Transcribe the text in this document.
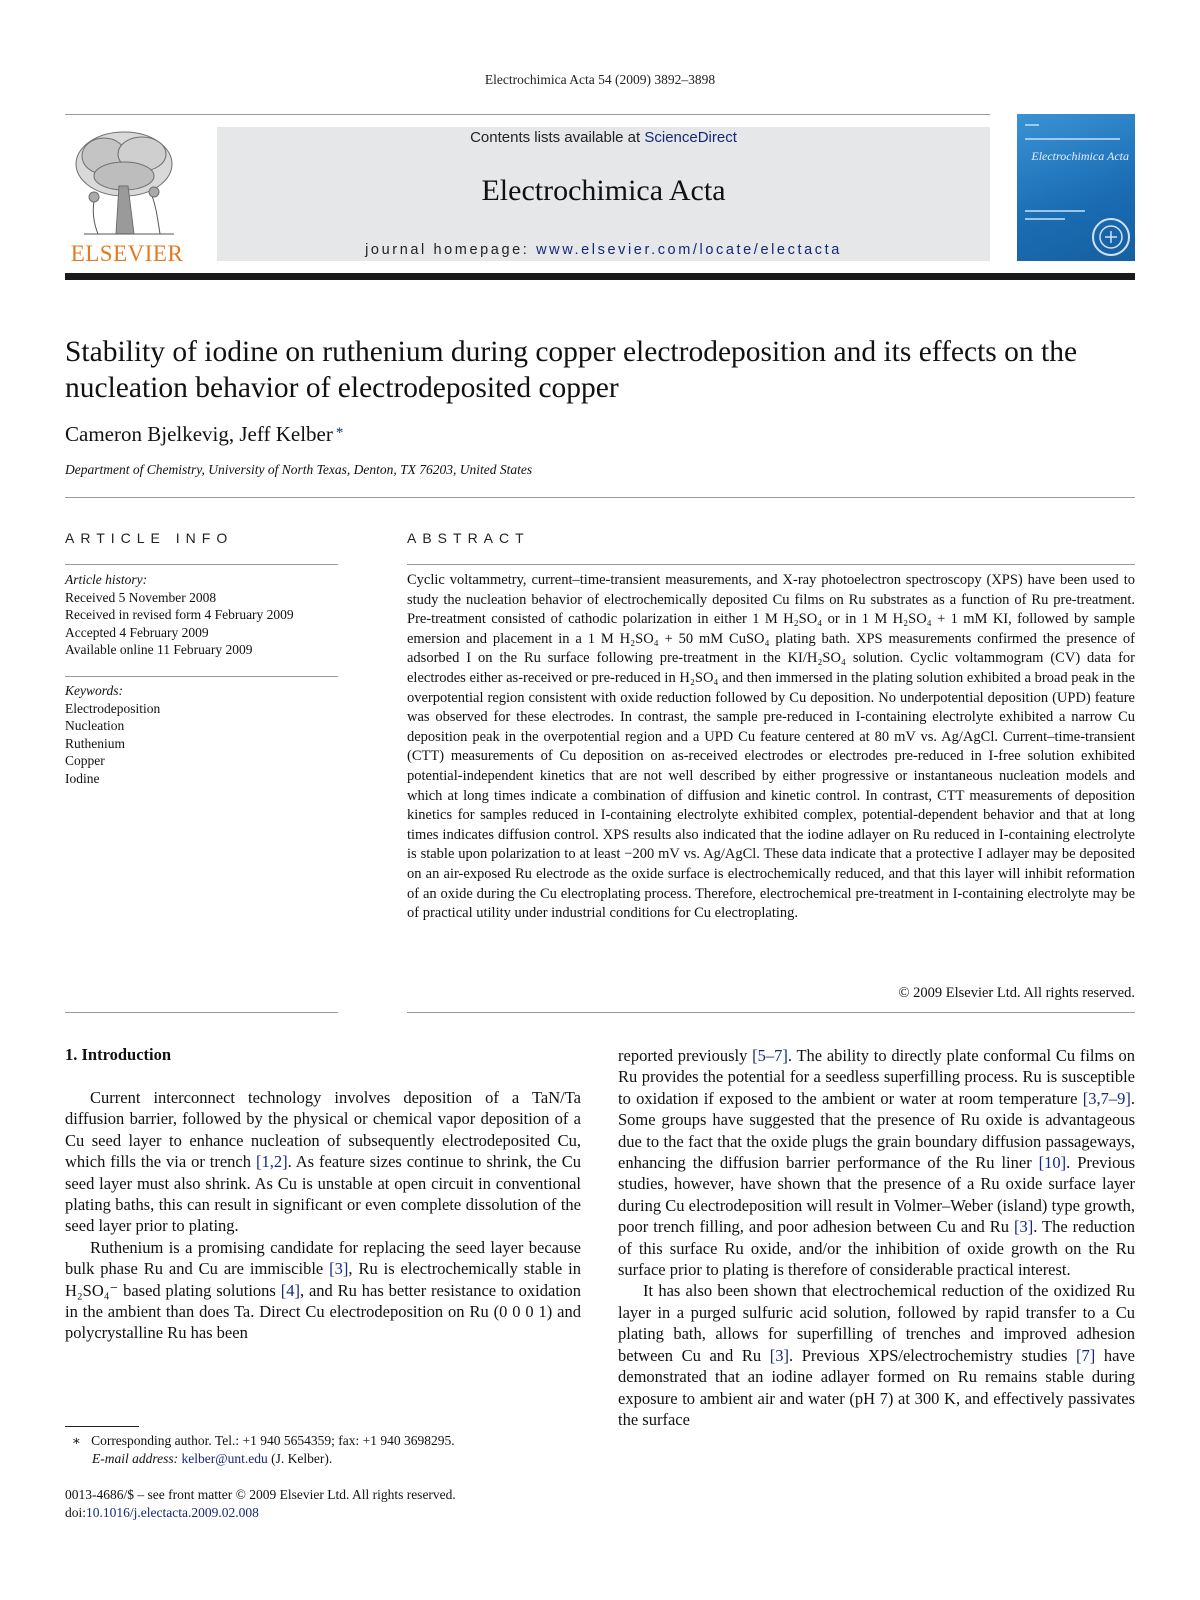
Electrochimica Acta 54 (2009) 3892–3898
ELSEVIER
Contents lists available at ScienceDirect
Electrochimica Acta
journal homepage: www.elsevier.com/locate/electacta
Electrochimica Acta
Stability of iodine on ruthenium during copper electrodeposition and its effects on the nucleation behavior of electrodeposited copper
Cameron Bjelkevig, Jeff Kelber *
Department of Chemistry, University of North Texas, Denton, TX 76203, United States
ARTICLE INFO	ABSTRACT
Article history:
Received 5 November 2008
Received in revised form 4 February 2009
Accepted 4 February 2009
Available online 11 February 2009
Keywords:
Electrodeposition
Nucleation
Ruthenium
Copper
Iodine
Cyclic voltammetry, current–time-transient measurements, and X-ray photoelectron spectroscopy (XPS) have been used to study the nucleation behavior of electrochemically deposited Cu films on Ru substrates as a function of Ru pre-treatment. Pre-treatment consisted of cathodic polarization in either 1 M H₂SO₄ or in 1 M H₂SO₄ + 1 mM KI, followed by sample emersion and placement in a 1 M H₂SO₄ + 50 mM CuSO₄ plating bath. XPS measurements confirmed the presence of adsorbed I on the Ru surface following pre-treatment in the KI/H₂SO₄ solution. Cyclic voltammogram (CV) data for electrodes either as-received or pre-reduced in H₂SO₄ and then immersed in the plating solution exhibited a broad peak in the overpotential region consistent with oxide reduction followed by Cu deposition. No underpotential deposition (UPD) feature was observed for these electrodes. In contrast, the sample pre-reduced in I-containing electrolyte exhibited a narrow Cu deposition peak in the overpotential region and a UPD Cu feature centered at 80 mV vs. Ag/AgCl. Current–time-transient (CTT) measurements of Cu deposition on as-received electrodes or electrodes pre-reduced in I-free solution exhibited potential-independent kinetics that are not well described by either progressive or instantaneous nucleation models and which at long times indicate a combination of diffusion and kinetic control. In contrast, CTT measurements of deposition kinetics for samples reduced in I-containing electrolyte exhibited complex, potential-dependent behavior and that at long times indicates diffusion control. XPS results also indicated that the iodine adlayer on Ru reduced in I-containing electrolyte is stable upon polarization to at least −200 mV vs. Ag/AgCl. These data indicate that a protective I adlayer may be deposited on an air-exposed Ru electrode as the oxide surface is electrochemically reduced, and that this layer will inhibit reformation of an oxide during the Cu electroplating process. Therefore, electrochemical pre-treatment in I-containing electrolyte may be of practical utility under industrial conditions for Cu electroplating.
© 2009 Elsevier Ltd. All rights reserved.
1. Introduction

Current interconnect technology involves deposition of a TaN/Ta diffusion barrier, followed by the physical or chemical vapor deposition of a Cu seed layer to enhance nucleation of subsequently electrodeposited Cu, which fills the via or trench [1,2]. As feature sizes continue to shrink, the Cu seed layer must also shrink. As Cu is unstable at open circuit in conventional plating baths, this can result in significant or even complete dissolution of the seed layer prior to plating.

Ruthenium is a promising candidate for replacing the seed layer because bulk phase Ru and Cu are immiscible [3], Ru is electrochemically stable in H₂SO₄⁻ based plating solutions [4], and Ru has better resistance to oxidation in the ambient than does Ta. Direct Cu electrodeposition on Ru (0 0 0 1) and polycrystalline Ru has been

reported previously [5–7]. The ability to directly plate conformal Cu films on Ru provides the potential for a seedless superfilling process. Ru is susceptible to oxidation if exposed to the ambient or water at room temperature [3,7–9]. Some groups have suggested that the presence of Ru oxide is advantageous due to the fact that the oxide plugs the grain boundary diffusion passageways, enhancing the diffusion barrier performance of the Ru liner [10]. Previous studies, however, have shown that the presence of a Ru oxide surface layer during Cu electrodeposition will result in Volmer–Weber (island) type growth, poor trench filling, and poor adhesion between Cu and Ru [3]. The reduction of this surface Ru oxide, and/or the inhibition of oxide growth on the Ru surface prior to plating is therefore of considerable practical interest.

It has also been shown that electrochemical reduction of the oxidized Ru layer in a purged sulfuric acid solution, followed by rapid transfer to a Cu plating bath, allows for superfilling of trenches and improved adhesion between Cu and Ru [3]. Previous XPS/electrochemistry studies [7] have demonstrated that an iodine adlayer formed on Ru remains stable during exposure to ambient air and water (pH 7) at 300 K, and effectively passivates the surface

∗ Corresponding author. Tel.: +1 940 5654359; fax: +1 940 3698295.
E-mail address: kelber@unt.edu (J. Kelber).
0013-4686/$ – see front matter © 2009 Elsevier Ltd. All rights reserved.
doi:10.1016/j.electacta.2009.02.008
